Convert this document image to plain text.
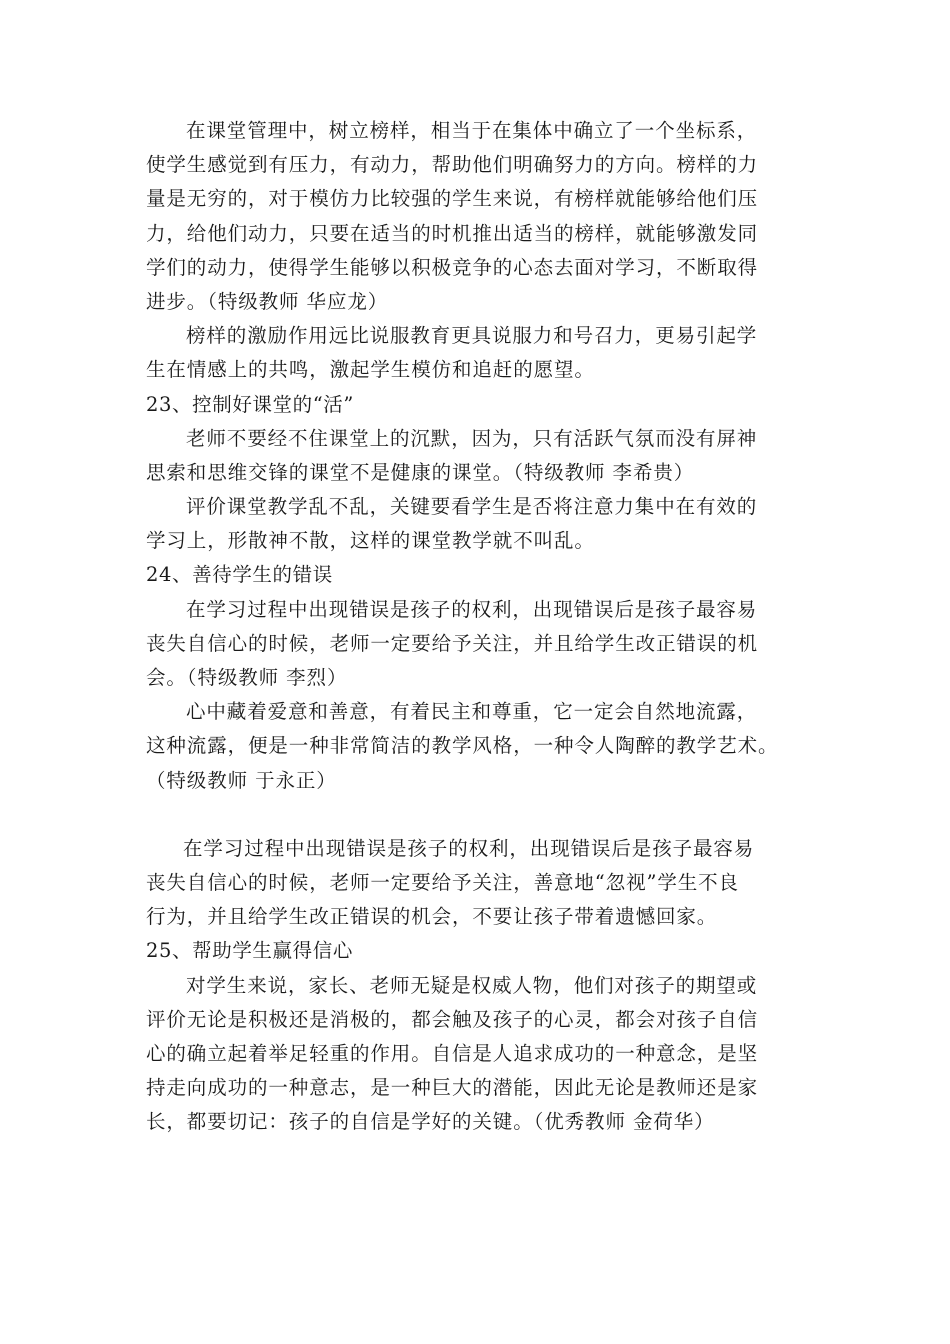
在课堂管理中，树立榜样，相当于在集体中确立了一个坐标系，
使学生感觉到有压力，有动力，帮助他们明确努力的方向。榜样的力
量是无穷的，对于模仿力比较强的学生来说，有榜样就能够给他们压
力，给他们动力，只要在适当的时机推出适当的榜样，就能够激发同
学们的动力，使得学生能够以积极竞争的心态去面对学习，不断取得
进步。（特级教师 华应龙）
榜样的激励作用远比说服教育更具说服力和号召力，更易引起学
生在情感上的共鸣，激起学生模仿和追赶的愿望。
23、控制好课堂的“活”
老师不要经不住课堂上的沉默，因为，只有活跃气氛而没有屏神
思索和思维交锋的课堂不是健康的课堂。（特级教师 李希贵）
评价课堂教学乱不乱，关键要看学生是否将注意力集中在有效的
学习上，形散神不散，这样的课堂教学就不叫乱。
24、善待学生的错误
在学习过程中出现错误是孩子的权利，出现错误后是孩子最容易
丧失自信心的时候，老师一定要给予关注，并且给学生改正错误的机
会。（特级教师 李烈）
心中藏着爱意和善意，有着民主和尊重，它一定会自然地流露，
这种流露，便是一种非常简洁的教学风格，一种令人陶醉的教学艺术。
（特级教师 于永正）
在学习过程中出现错误是孩子的权利，出现错误后是孩子最容易
丧失自信心的时候，老师一定要给予关注，善意地“忽视”学生不良
行为，并且给学生改正错误的机会，不要让孩子带着遗憾回家。
25、帮助学生赢得信心
对学生来说，家长、老师无疑是权威人物，他们对孩子的期望或
评价无论是积极还是消极的，都会触及孩子的心灵，都会对孩子自信
心的确立起着举足轻重的作用。自信是人追求成功的一种意念，是坚
持走向成功的一种意志，是一种巨大的潜能，因此无论是教师还是家
长，都要切记：孩子的自信是学好的关键。（优秀教师 金荷华）
